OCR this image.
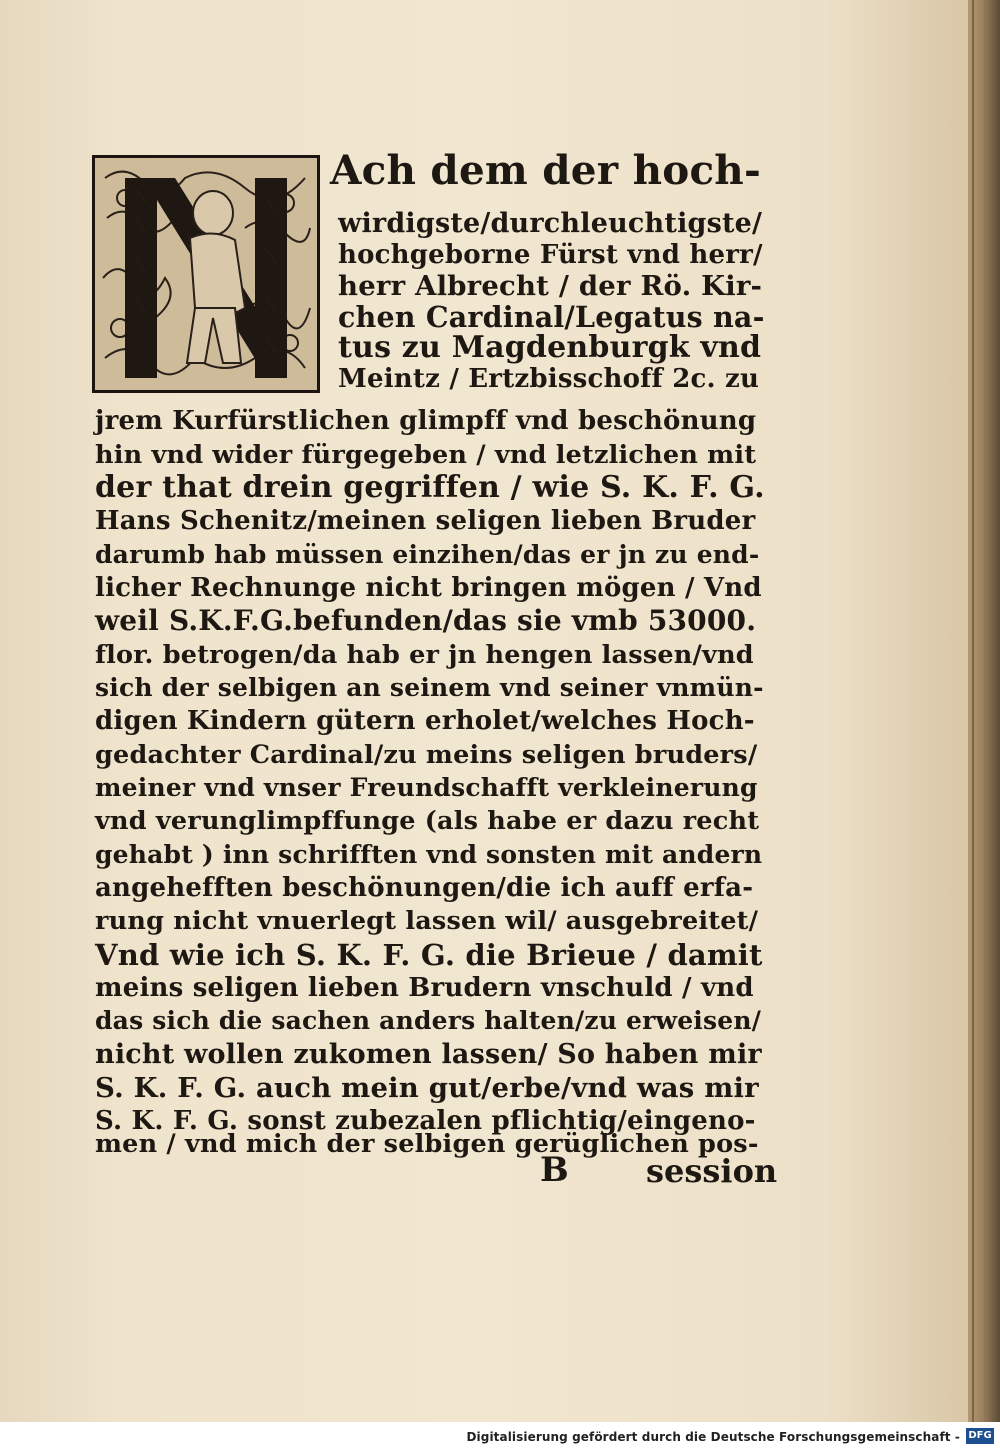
Ach dem der hoch-
wirdigste/durchleuchtigste/
hochgeborne Fürst vnd herr/
herr Albrecht / der Rö. Kir-
chen Cardinal/Legatus na-
tus zu Magdenburgk vnd
Meintz / Ertzbisschoff 2c. zu
jrem Kurfürstlichen glimpff vnd beschönung
hin vnd wider fürgegeben / vnd letzlichen mit
der that drein gegriffen / wie S. K. F. G.
Hans Schenitz/meinen seligen lieben Bruder
darumb hab müssen einzihen/das er jn zu end-
licher Rechnunge nicht bringen mögen / Vnd
weil S.K.F.G.befunden/das sie vmb 53000.
flor. betrogen/da hab er jn hengen lassen/vnd
sich der selbigen an seinem vnd seiner vnmün-
digen Kindern gütern erholet/welches Hoch-
gedachter Cardinal/zu meins seligen bruders/
meiner vnd vnser Freundschafft verkleinerung
vnd verunglimpffunge (als habe er dazu recht
gehabt ) inn schrifften vnd sonsten mit andern
angehefften beschönungen/die ich auff erfa-
rung nicht vnuerlegt lassen wil/ ausgebreitet/
Vnd wie ich S. K. F. G. die Brieue / damit
meins seligen lieben Brudern vnschuld / vnd
das sich die sachen anders halten/zu erweisen/
nicht wollen zukomen lassen/ So haben mir
S. K. F. G. auch mein gut/erbe/vnd was mir
S. K. F. G. sonst zubezalen pflichtig/eingeno-
men / vnd mich der selbigen gerüglichen pos-
B session
Digitalisierung gefördert durch die Deutsche Forschungsgemeinschaft - DFG
